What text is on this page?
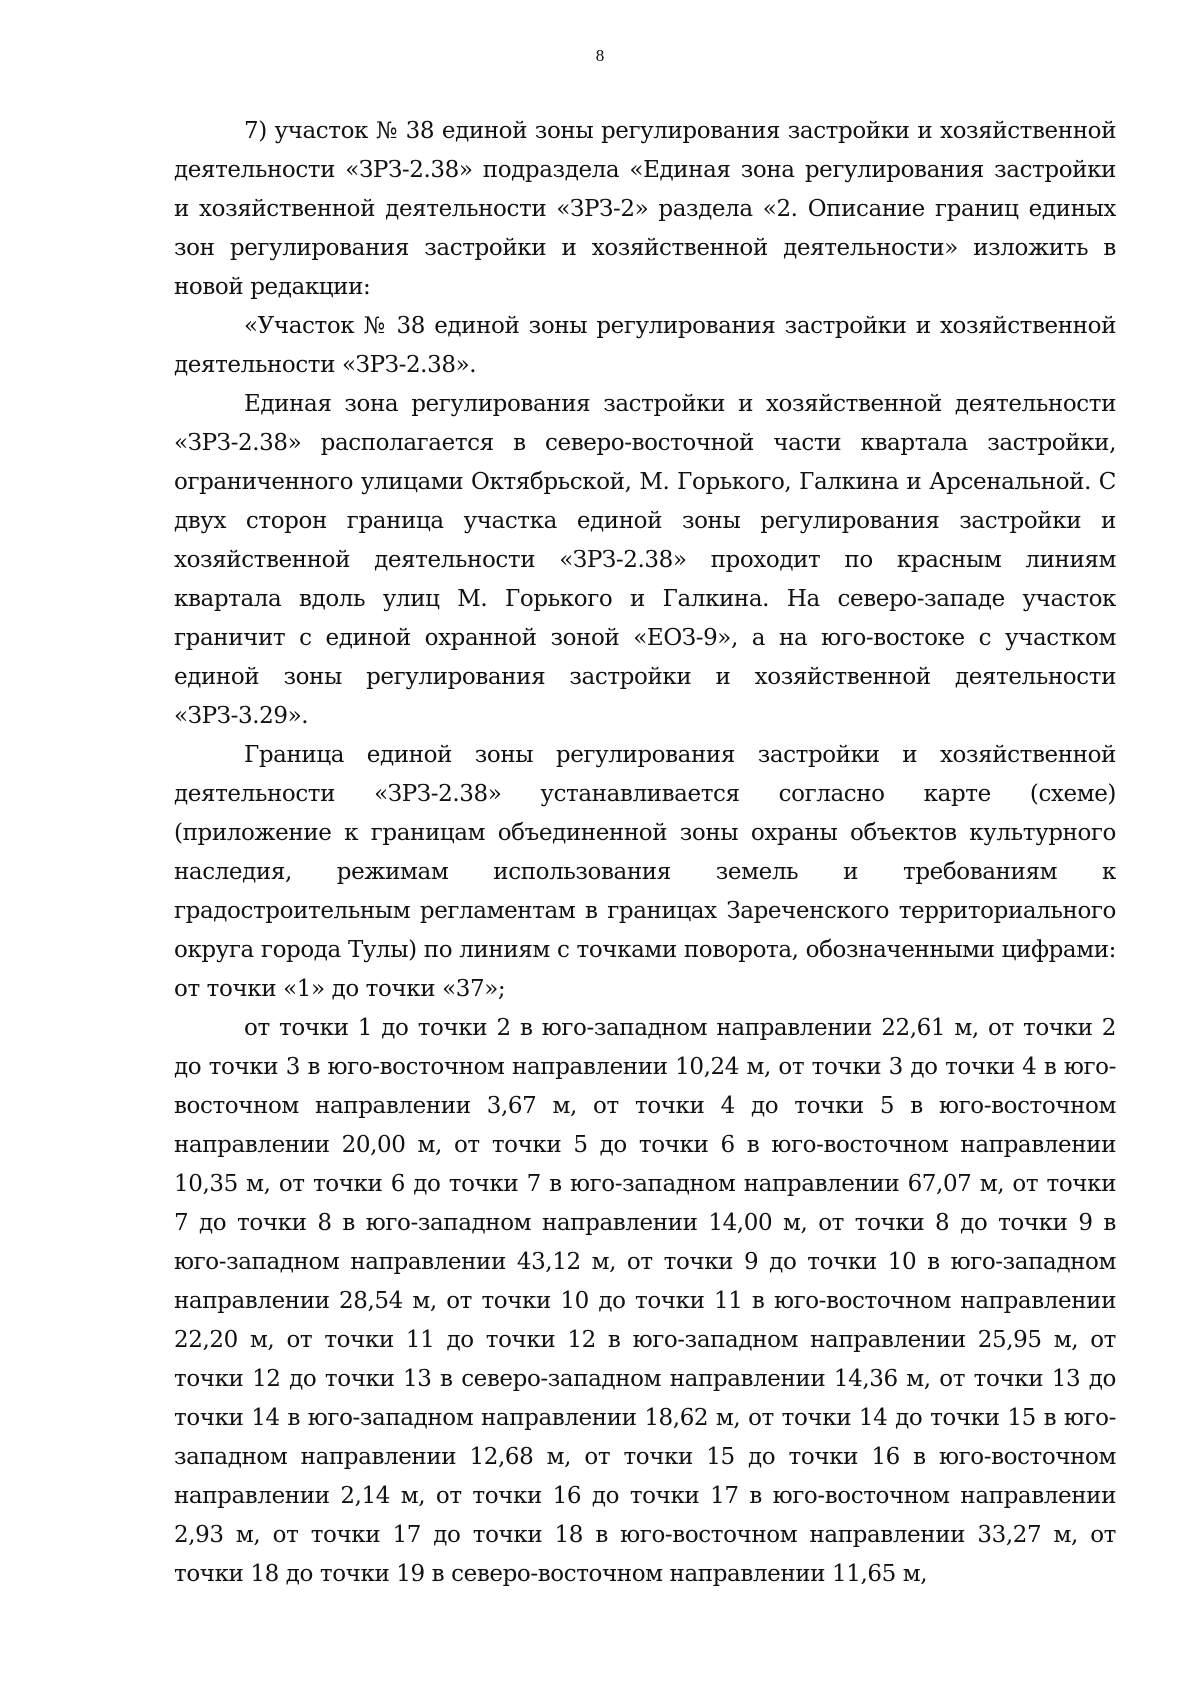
8

7) участок № 38 единой зоны регулирования застройки и хозяйственной деятельности «ЗРЗ-2.38» подраздела «Единая зона регулирования застройки и хозяйственной деятельности «ЗРЗ-2» раздела «2. Описание границ единых зон регулирования застройки и хозяйственной деятельности» изложить в новой редакции:

«Участок № 38 единой зоны регулирования застройки и хозяйственной деятельности «ЗРЗ-2.38».

Единая зона регулирования застройки и хозяйственной деятельности «ЗРЗ-2.38» располагается в северо-восточной части квартала застройки, ограниченного улицами Октябрьской, М. Горького, Галкина и Арсенальной. С двух сторон граница участка единой зоны регулирования застройки и хозяйственной деятельности «ЗРЗ-2.38» проходит по красным линиям квартала вдоль улиц М. Горького и Галкина. На северо-западе участок граничит с единой охранной зоной «ЕОЗ-9», а на юго-востоке с участком единой зоны регулирования застройки и хозяйственной деятельности «ЗРЗ-3.29».

Граница единой зоны регулирования застройки и хозяйственной деятельности «ЗРЗ-2.38» устанавливается согласно карте (схеме) (приложение к границам объединенной зоны охраны объектов культурного наследия, режимам использования земель и требованиям к градостроительным регламентам в границах Зареченского территориального округа города Тулы) по линиям с точками поворота, обозначенными цифрами: от точки «1» до точки «37»;

от точки 1 до точки 2 в юго-западном направлении 22,61 м, от точки 2 до точки 3 в юго-восточном направлении 10,24 м, от точки 3 до точки 4 в юго-восточном направлении 3,67 м, от точки 4 до точки 5 в юго-восточном направлении 20,00 м, от точки 5 до точки 6 в юго-восточном направлении 10,35 м, от точки 6 до точки 7 в юго-западном направлении 67,07 м, от точки 7 до точки 8 в юго-западном направлении 14,00 м, от точки 8 до точки 9 в юго-западном направлении 43,12 м, от точки 9 до точки 10 в юго-западном направлении 28,54 м, от точки 10 до точки 11 в юго-восточном направлении 22,20 м, от точки 11 до точки 12 в юго-западном направлении 25,95 м, от точки 12 до точки 13 в северо-западном направлении 14,36 м, от точки 13 до точки 14 в юго-западном направлении 18,62 м, от точки 14 до точки 15 в юго-западном направлении 12,68 м, от точки 15 до точки 16 в юго-восточном направлении 2,14 м, от точки 16 до точки 17 в юго-восточном направлении 2,93 м, от точки 17 до точки 18 в юго-восточном направлении 33,27 м, от точки 18 до точки 19 в северо-восточном направлении 11,65 м,
